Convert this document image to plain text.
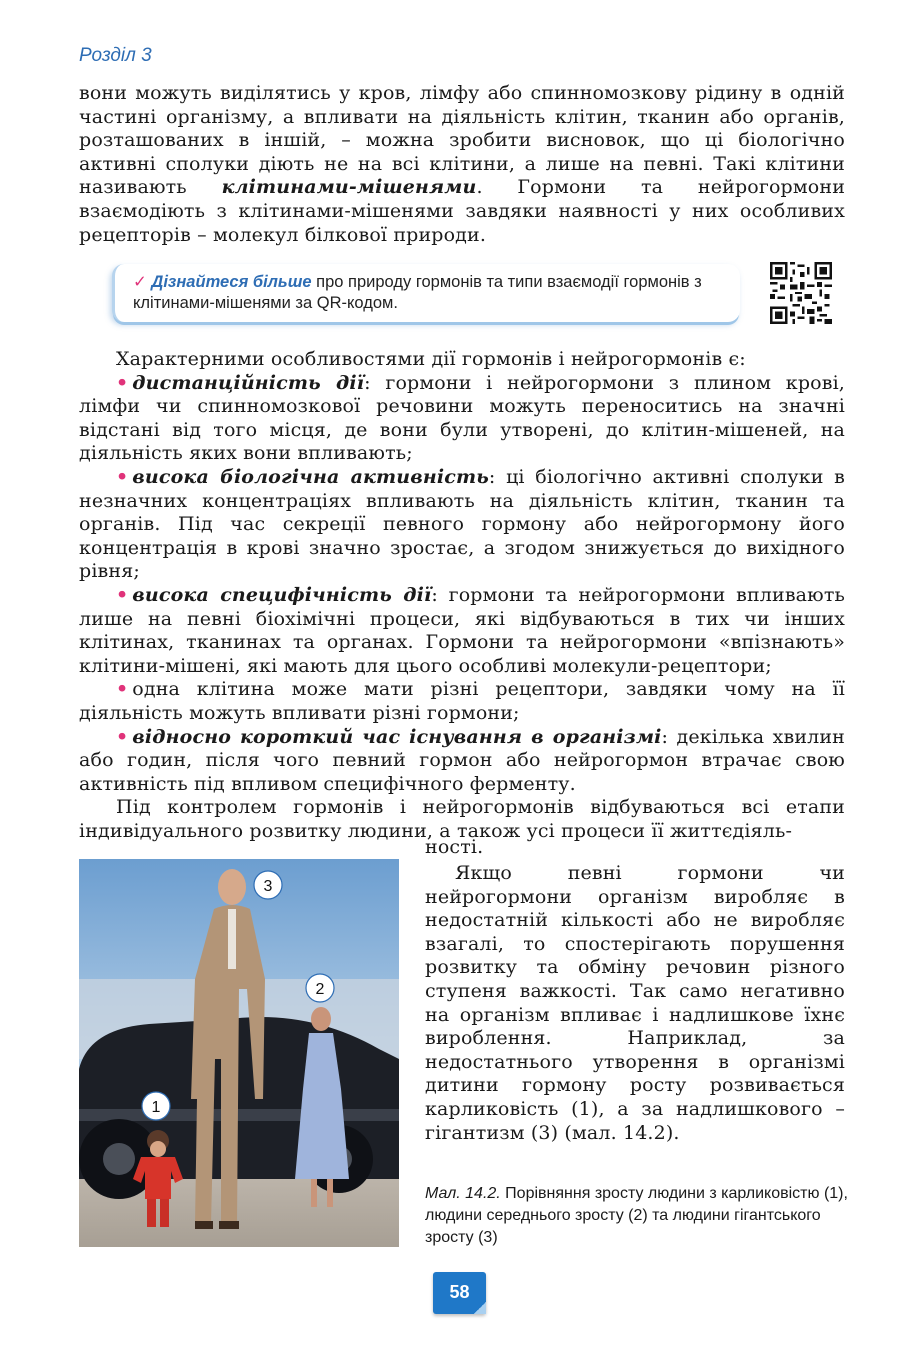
Розділ 3

вони можуть виділятись у кров, лімфу або спинномозкову рідину в одній частині організму, а впливати на діяльність клітин, тканин або органів, розташованих в іншій, – можна зробити висновок, що ці біологічно активні сполуки діють не на всі клітини, а лише на певні. Такі клітини називають клітинами-мішенями. Гормони та нейрогормони взаємодіють з клітинами-мішенями завдяки наявності у них особливих рецепторів – молекул білкової природи.

✓ Дізнайтеся більше про природу гормонів та типи взаємодії гормонів з клітинами-мішенями за QR-кодом.

Характерними особливостями дії гормонів і нейрогормонів є:

• дистанційність дії: гормони і нейрогормони з плином крові, лімфи чи спинномозкової речовини можуть переноситись на значні відстані від того місця, де вони були утворені, до клітин-мішеней, на діяльність яких вони впливають;

• висока біологічна активність: ці біологічно активні сполуки в незначних концентраціях впливають на діяльність клітин, тканин та органів. Під час секреції певного гормону або нейрогормону його концентрація в крові значно зростає, а згодом знижується до вихідного рівня;

• висока специфічність дії: гормони та нейрогормони впливають лише на певні біохімічні процеси, які відбуваються в тих чи інших клітинах, тканинах та органах. Гормони та нейрогормони «впізнають» клітини-мішені, які мають для цього особливі молекули-рецептори;

• одна клітина може мати різні рецептори, завдяки чому на її діяльність можуть впливати різні гормони;

• відносно короткий час існування в організмі: декілька хвилин або годин, після чого певний гормон або нейрогормон втрачає свою активність під впливом специфічного ферменту.

Під контролем гормонів і нейрогормонів відбуваються всі етапи індивідуального розвитку людини, а також усі процеси її життєдіяль-

ності.

Якщо певні гормони чи нейрогормони організм виробляє в недостатній кількості або не виробляє взагалі, то спостерігають порушення розвитку та обміну речовин різного ступеня важкості. Так само негативно на організм впливає і надлишкове їхнє вироблення. Наприклад, за недостатнього утворення в організмі дитини гормону росту розвивається карликовість (1), а за надлишкового – гігантизм (3) (мал. 14.2).

3
2
1
Мал. 14.2. Порівняння зросту людини з карликовістю (1), людини середнього зросту (2) та людини гігантського зросту (3)
58
